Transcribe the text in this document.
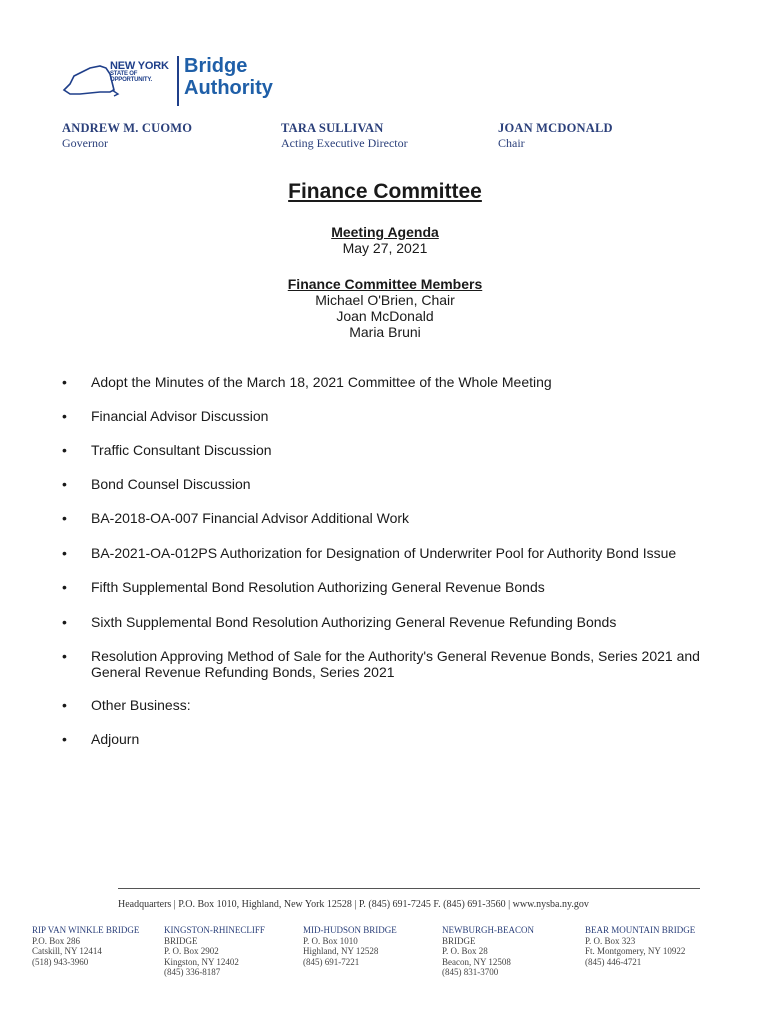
NEW YORK
STATE OF
OPPORTUNITY.
Bridge
Authority
ANDREW M. CUOMO
Governor
TARA SULLIVAN
Acting Executive Director
JOAN MCDONALD
Chair
Finance Committee
Meeting Agenda
May 27, 2021
Finance Committee Members
Michael O'Brien, Chair
Joan McDonald
Maria Bruni
•	Adopt the Minutes of the March 18, 2021 Committee of the Whole Meeting
•	Financial Advisor Discussion
•	Traffic Consultant Discussion
•	Bond Counsel Discussion
•	BA-2018-OA-007 Financial Advisor Additional Work
•	BA-2021-OA-012PS Authorization for Designation of Underwriter Pool for Authority Bond Issue
•	Fifth Supplemental Bond Resolution Authorizing General Revenue Bonds
•	Sixth Supplemental Bond Resolution Authorizing General Revenue Refunding Bonds
•	Resolution Approving Method of Sale for the Authority's General Revenue Bonds, Series 2021 and General Revenue Refunding Bonds, Series 2021
•	Other Business:
•	Adjourn
Headquarters | P.O. Box 1010, Highland, New York 12528 | P. (845) 691-7245 F. (845) 691-3560 | www.nysba.ny.gov
RIP VAN WINKLE BRIDGE
P.O. Box 286
Catskill, NY 12414
(518) 943-3960
KINGSTON-RHINECLIFF
BRIDGE
P. O. Box 2902
Kingston, NY 12402
(845) 336-8187
MID-HUDSON BRIDGE
P. O. Box 1010
Highland, NY 12528
(845) 691-7221
NEWBURGH-BEACON
BRIDGE
P. O. Box 28
Beacon, NY 12508
(845) 831-3700
BEAR MOUNTAIN BRIDGE
P. O. Box 323
Ft. Montgomery, NY 10922
(845) 446-4721
